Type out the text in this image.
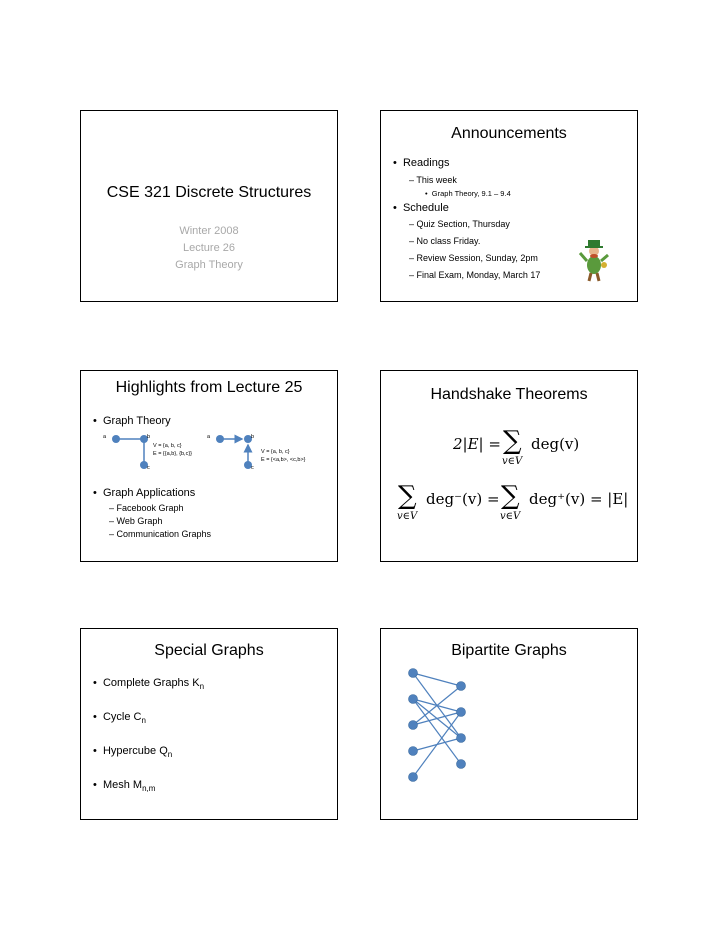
CSE 321 Discrete Structures
Winter 2008
Lecture 26
Graph Theory
Announcements
•  Readings
– This week
•  Graph Theory, 9.1 – 9.4
•  Schedule
– Quiz Section, Thursday
– No class Friday.
– Review Session, Sunday, 2pm
– Final Exam, Monday, March 17
Highlights from Lecture 25
•  Graph Theory
a	b
c
V = {a, b, c}
E = {{a,b}, {b,c}}
a	b
c
V = {a, b, c}
E = {<a,b>, <c,b>}
•  Graph Applications
– Facebook Graph
– Web Graph
– Communication Graphs
Handshake Theorems
2|E| = ∑ deg(v)
v∈V
∑ deg⁻(v) = ∑ deg⁺(v) = |E|
v∈V	v∈V
Special Graphs
•  Complete Graphs $K_n$
•  Cycle $C_n$
•  Hypercube $Q_n$
•  Mesh $M_{n,m}$
Bipartite Graphs
